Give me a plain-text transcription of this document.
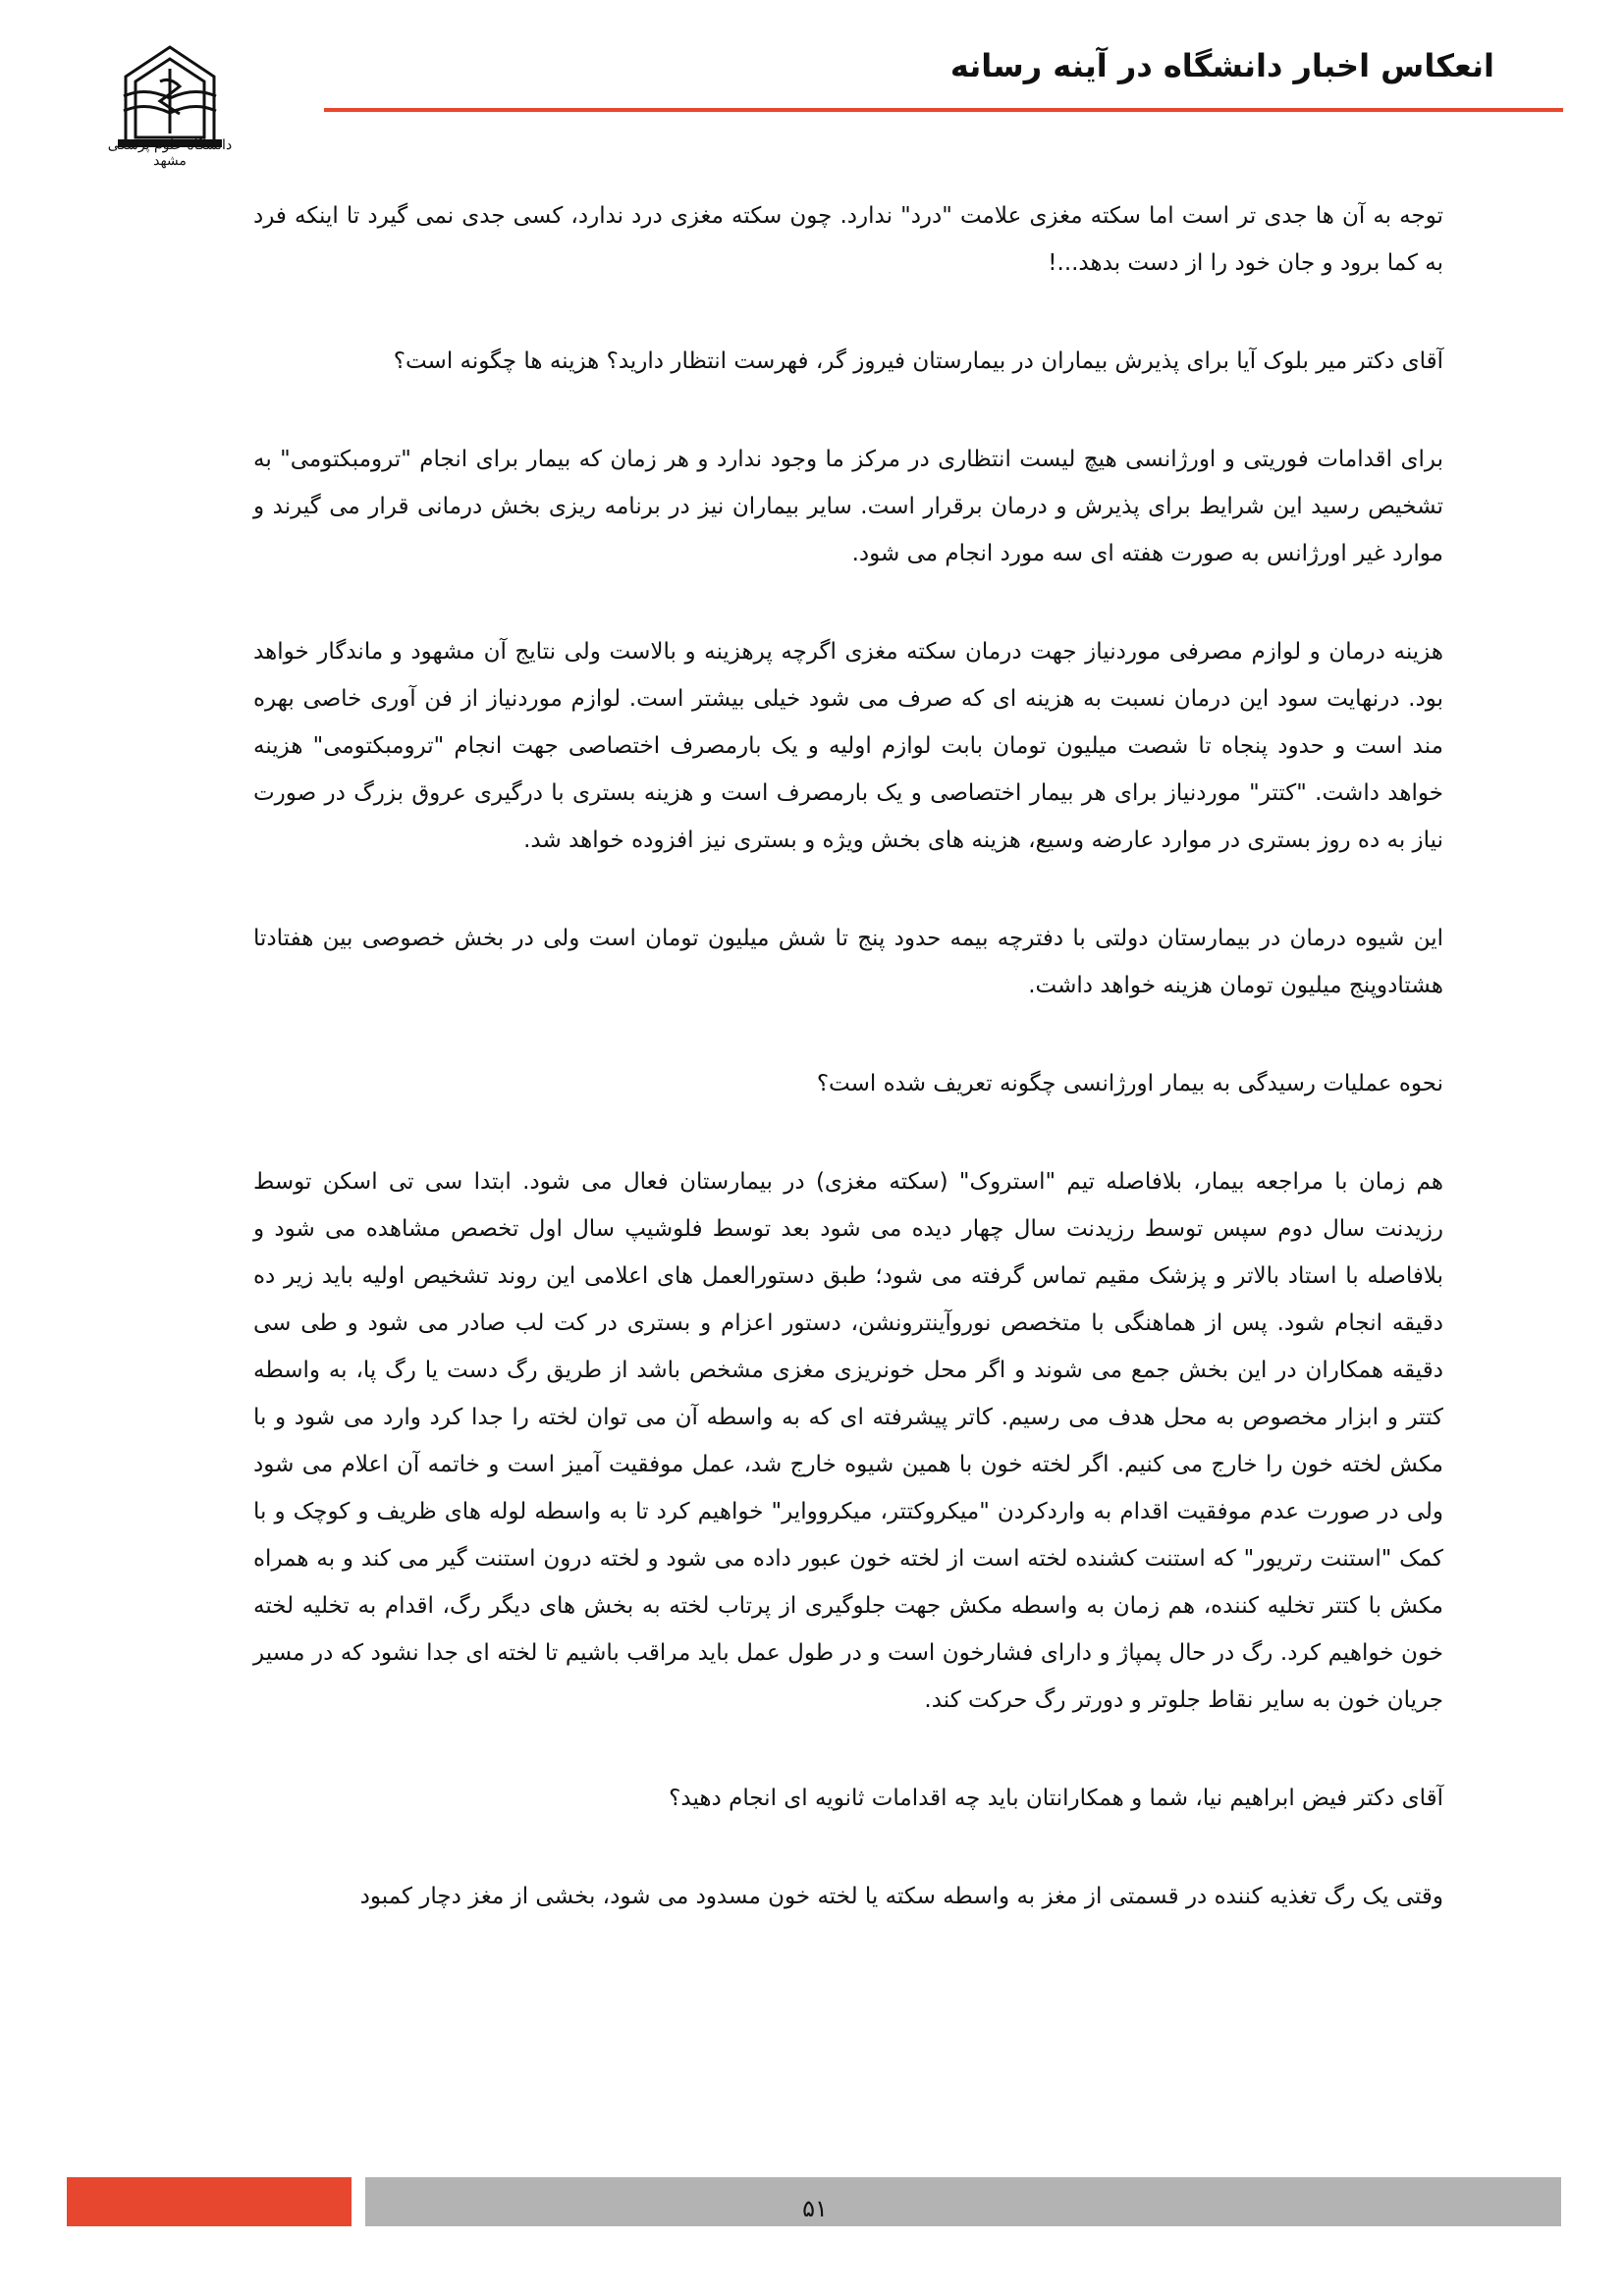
انعکاس اخبار دانشگاه در آینه رسانه
دانشگاه علوم پزشکی مشهد

توجه به آن ها جدی تر است اما سکته مغزی علامت "درد" ندارد. چون سکته مغزی درد ندارد، کسی جدی نمی گیرد تا اینکه فرد به کما برود و جان خود را از دست بدهد...!

آقای دکتر میر بلوک آیا برای پذیرش بیماران در بیمارستان فیروز گر، فهرست انتظار دارید؟ هزینه ها چگونه است؟

برای اقدامات فوریتی و اورژانسی هیچ لیست انتظاری در مرکز ما وجود ندارد و هر زمان که بیمار برای انجام "ترومبکتومی" به تشخیص رسید این شرایط برای پذیرش و درمان برقرار است. سایر بیماران نیز در برنامه ریزی بخش درمانی قرار می گیرند و موارد غیر اورژانس به صورت هفته ای سه مورد انجام می شود.

هزینه درمان و لوازم مصرفی موردنیاز جهت درمان سکته مغزی اگرچه پرهزینه و بالاست ولی نتایج آن مشهود و ماندگار خواهد بود. درنهایت سود این درمان نسبت به هزینه ای که صرف می شود خیلی بیشتر است. لوازم موردنیاز از فن آوری خاصی بهره مند است و حدود پنجاه تا شصت میلیون تومان بابت لوازم اولیه و یک بارمصرف اختصاصی جهت انجام "ترومبکتومی" هزینه خواهد داشت. "کتتر" موردنیاز برای هر بیمار اختصاصی و یک بارمصرف است و هزینه بستری با درگیری عروق بزرگ در صورت نیاز به ده روز بستری در موارد عارضه وسیع، هزینه های بخش ویژه و بستری نیز افزوده خواهد شد.

این شیوه درمان در بیمارستان دولتی با دفترچه بیمه حدود پنج تا شش میلیون تومان است ولی در بخش خصوصی بین هفتادتا هشتادوپنج میلیون تومان هزینه خواهد داشت.

نحوه عملیات رسیدگی به بیمار اورژانسی چگونه تعریف شده است؟

هم زمان با مراجعه بیمار، بلافاصله تیم "استروک" (سکته مغزی) در بیمارستان فعال می شود. ابتدا سی تی اسکن توسط رزیدنت سال دوم سپس توسط رزیدنت سال چهار دیده می شود بعد توسط فلوشیپ سال اول تخصص مشاهده می شود و بلافاصله با استاد بالاتر و پزشک مقیم تماس گرفته می شود؛ طبق دستورالعمل های اعلامی این روند تشخیص اولیه باید زیر ده دقیقه انجام شود. پس از هماهنگی با متخصص نوروآینترونشن، دستور اعزام و بستری در کت لب صادر می شود و طی سی دقیقه همکاران در این بخش جمع می شوند و اگر محل خونریزی مغزی مشخص باشد از طریق رگ دست یا رگ پا، به واسطه کتتر و ابزار مخصوص به محل هدف می رسیم. کاتر پیشرفته ای که به واسطه آن می توان لخته را جدا کرد وارد می شود و با مکش لخته خون را خارج می کنیم. اگر لخته خون با همین شیوه خارج شد، عمل موفقیت آمیز است و خاتمه آن اعلام می شود ولی در صورت عدم موفقیت اقدام به واردکردن "میکروکتتر، میکروواير" خواهیم کرد تا به واسطه لوله های ظریف و کوچک و با کمک "استنت رتریور" که استنت کشنده لخته است از لخته خون عبور داده می شود و لخته درون استنت گیر می کند و به همراه مکش با کتتر تخلیه کننده، هم زمان به واسطه مکش جهت جلوگیری از پرتاب لخته به بخش های دیگر رگ، اقدام به تخلیه لخته خون خواهیم کرد. رگ در حال پمپاژ و دارای فشارخون است و در طول عمل باید مراقب باشیم تا لخته ای جدا نشود که در مسیر جریان خون به سایر نقاط جلوتر و دورتر رگ حرکت کند.

آقای دکتر فیض ابراهیم نیا، شما و همکارانتان باید چه اقدامات ثانویه ای انجام دهید؟

وقتی یک رگ تغذیه کننده در قسمتی از مغز به واسطه سکته یا لخته خون مسدود می شود، بخشی از مغز دچار کمبود

۵۱
